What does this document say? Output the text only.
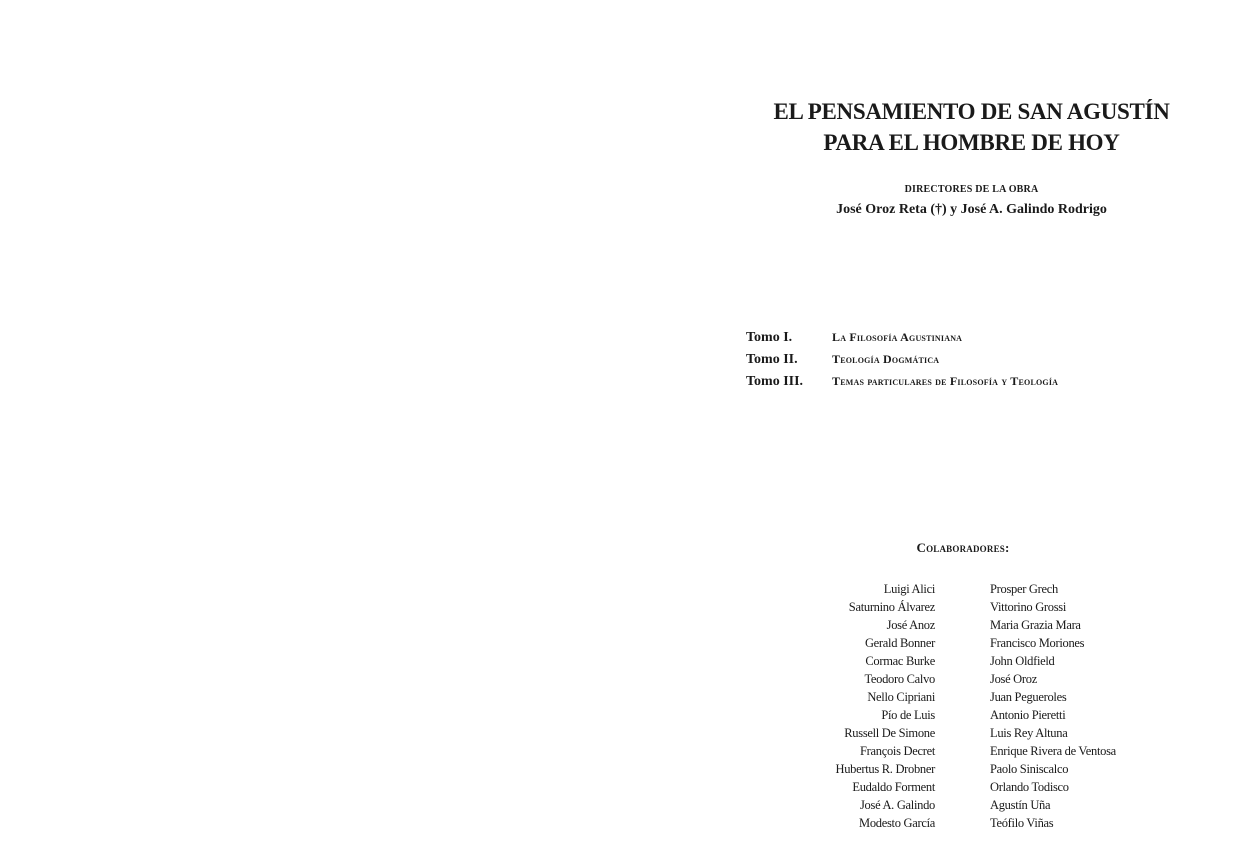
EL PENSAMIENTO DE SAN AGUSTÍN
PARA EL HOMBRE DE HOY
DIRECTORES DE LA OBRA
José Oroz Reta (†) y José A. Galindo Rodrigo
Tomo I.	La Filosofía Agustiniana
Tomo II.	Teología Dogmática
Tomo III. Temas particulares de Filosofía y Teología
Colaboradores:
Luigi Alici
Saturnino Álvarez
José Anoz
Gerald Bonner
Cormac Burke
Teodoro Calvo
Nello Cipriani
Pío de Luis
Russell De Simone
François Decret
Hubertus R. Drobner
Eudaldo Forment
José A. Galindo
Modesto García
Prosper Grech
Vittorino Grossi
Maria Grazia Mara
Francisco Moriones
John Oldfield
José Oroz
Juan Pegueroles
Antonio Pieretti
Luis Rey Altuna
Enrique Rivera de Ventosa
Paolo Siniscalco
Orlando Todisco
Agustín Uña
Teófilo Viñas
